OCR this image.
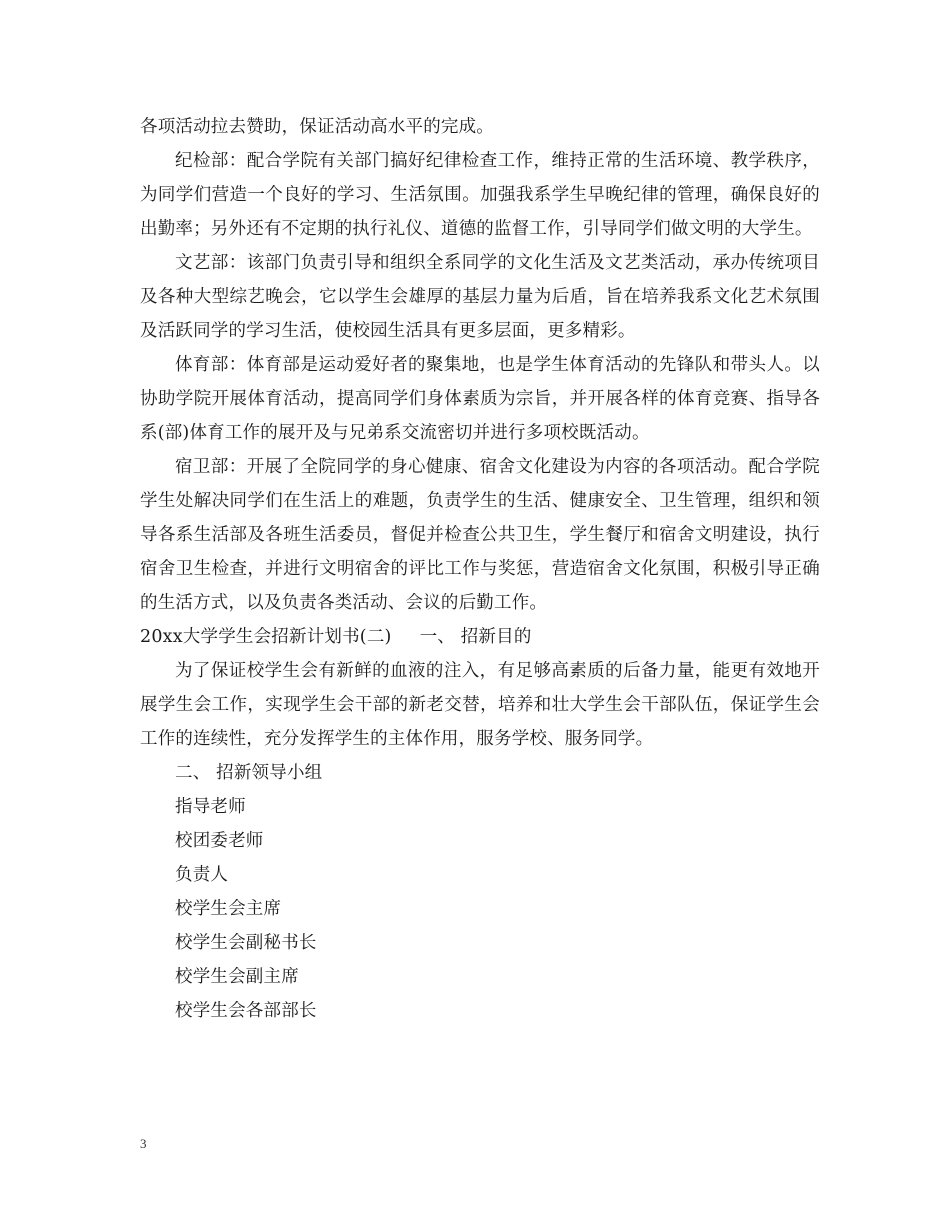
各项活动拉去赞助，保证活动高水平的完成。

纪检部：配合学院有关部门搞好纪律检查工作，维持正常的生活环境、教学秩序，为同学们营造一个良好的学习、生活氛围。加强我系学生早晚纪律的管理，确保良好的出勤率；另外还有不定期的执行礼仪、道德的监督工作，引导同学们做文明的大学生。

文艺部：该部门负责引导和组织全系同学的文化生活及文艺类活动，承办传统项目及各种大型综艺晚会，它以学生会雄厚的基层力量为后盾，旨在培养我系文化艺术氛围及活跃同学的学习生活，使校园生活具有更多层面，更多精彩。

体育部：体育部是运动爱好者的聚集地，也是学生体育活动的先锋队和带头人。以协助学院开展体育活动，提高同学们身体素质为宗旨，并开展各样的体育竞赛、指导各系(部)体育工作的展开及与兄弟系交流密切并进行多项校既活动。

宿卫部：开展了全院同学的身心健康、宿舍文化建设为内容的各项活动。配合学院学生处解决同学们在生活上的难题，负责学生的生活、健康安全、卫生管理，组织和领导各系生活部及各班生活委员，督促并检查公共卫生，学生餐厅和宿舍文明建设，执行宿舍卫生检查，并进行文明宿舍的评比工作与奖惩，营造宿舍文化氛围，积极引导正确的生活方式，以及负责各类活动、会议的后勤工作。

20xx大学学生会招新计划书(二) 一、 招新目的

为了保证校学生会有新鲜的血液的注入，有足够高素质的后备力量，能更有效地开展学生会工作，实现学生会干部的新老交替，培养和壮大学生会干部队伍，保证学生会工作的连续性，充分发挥学生的主体作用，服务学校、服务同学。

二、 招新领导小组

指导老师

校团委老师

负责人

校学生会主席

校学生会副秘书长

校学生会副主席

校学生会各部部长

3
